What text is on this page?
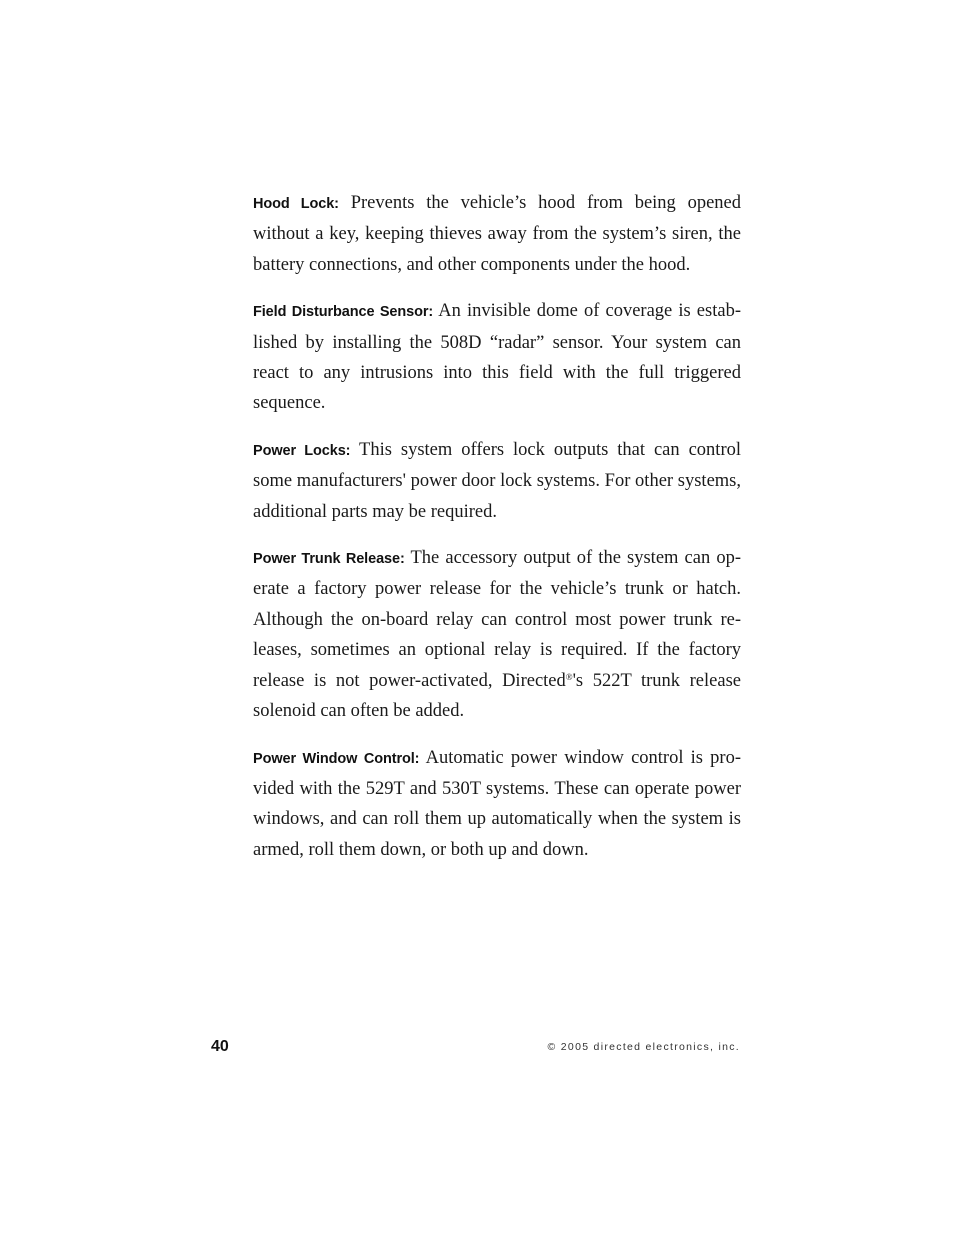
Hood Lock: Prevents the vehicle’s hood from being opened without a key, keeping thieves away from the system’s siren, the battery connections, and other components under the hood.

Field Disturbance Sensor: An invisible dome of coverage is established by installing the 508D “radar” sensor. Your system can react to any intrusions into this field with the full triggered sequence.

Power Locks: This system offers lock outputs that can control some manufacturers' power door lock systems. For other systems, additional parts may be required.

Power Trunk Release: The accessory output of the system can operate a factory power release for the vehicle’s trunk or hatch. Although the on-board relay can control most power trunk releases, sometimes an optional relay is required. If the factory release is not power-activated, Directed®'s 522T trunk release solenoid can often be added.

Power Window Control: Automatic power window control is provided with the 529T and 530T systems. These can operate power windows, and can roll them up automatically when the system is armed, roll them down, or both up and down.

40	© 2005 directed electronics, inc.
